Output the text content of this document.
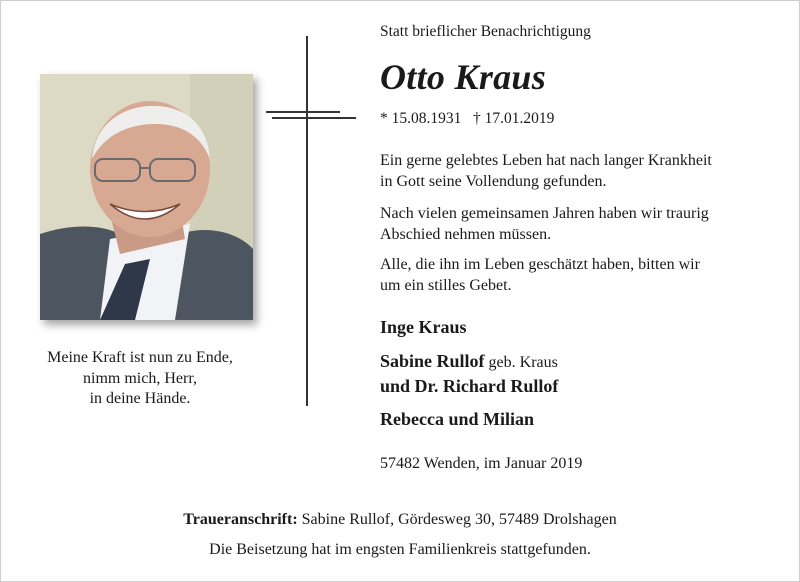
Meine Kraft ist nun zu Ende,
nimm mich, Herr,
in deine Hände.
Statt brieflicher Benachrichtigung
Otto Kraus
* 15.08.1931 † 17.01.2019
Ein gerne gelebtes Leben hat nach langer Krankheit
in Gott seine Vollendung gefunden.
Nach vielen gemeinsamen Jahren haben wir traurig
Abschied nehmen müssen.
Alle, die ihn im Leben geschätzt haben, bitten wir
um ein stilles Gebet.
Inge Kraus
Sabine Rullof geb. Kraus
und Dr. Richard Rullof
Rebecca und Milian
57482 Wenden, im Januar 2019
Traueranschrift: Sabine Rullof, Gördesweg 30, 57489 Drolshagen
Die Beisetzung hat im engsten Familienkreis stattgefunden.
